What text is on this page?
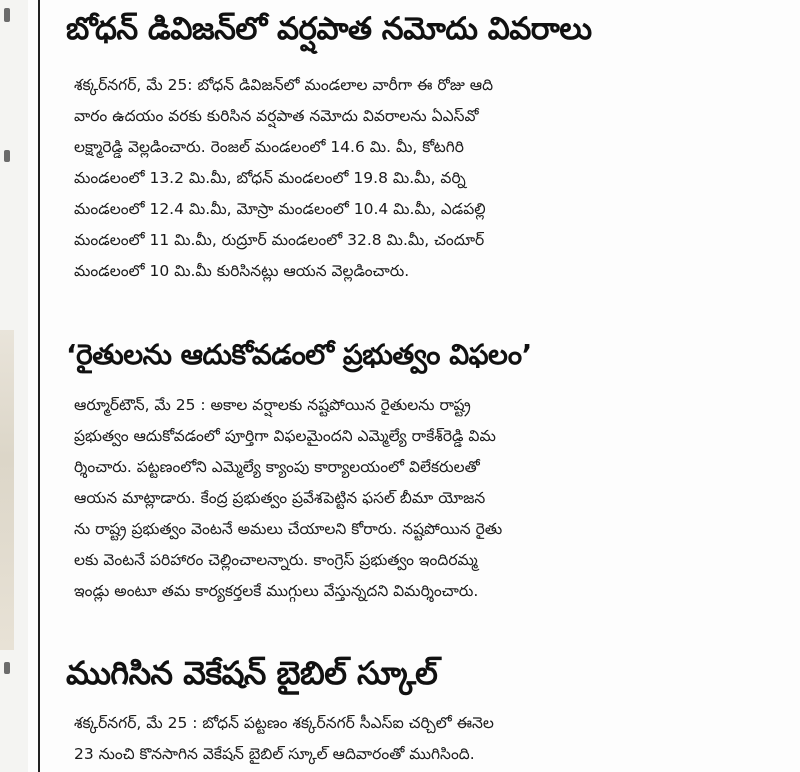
బోధన్ డివిజన్‌లో వర్షపాత నమోదు వివరాలు
శక్కర్‌నగర్, మే 25: బోధన్ డివిజన్‌లో మండలాల వారీగా ఈ రోజు ఆది
వారం ఉదయం వరకు కురిసిన వర్షపాత నమోదు వివరాలను ఏఎస్‌వో
లక్ష్మారెడ్డి వెల్లడించారు. రెంజల్ మండలంలో 14.6 మి. మీ, కోటగిరి
మండలంలో 13.2 మి.మీ, బోధన్ మండలంలో 19.8 మి.మీ, వర్ని
మండలంలో 12.4 మి.మీ, మోస్రా మండలంలో 10.4 మి.మీ, ఎడపల్లి
మండలంలో 11 మి.మీ, రుద్రూర్ మండలంలో 32.8 మి.మీ, చందూర్
మండలంలో 10 మి.మీ కురిసినట్లు ఆయన వెల్లడించారు.
‘రైతులను ఆదుకోవడంలో ప్రభుత్వం విఫలం’
ఆర్మూర్‌టౌన్, మే 25 : అకాల వర్షాలకు నష్టపోయిన రైతులను రాష్ట్ర
ప్రభుత్వం ఆదుకోవడంలో పూర్తిగా విఫలమైందని ఎమ్మెల్యే రాకేశ్‌రెడ్డి విమ
ర్శించారు. పట్టణంలోని ఎమ్మెల్యే క్యాంపు కార్యాలయంలో విలేకరులతో
ఆయన మాట్లాడారు. కేంద్ర ప్రభుత్వం ప్రవేశపెట్టిన ఫసల్ బీమా యోజన
ను రాష్ట్ర ప్రభుత్వం వెంటనే అమలు చేయాలని కోరారు. నష్టపోయిన రైతు
లకు వెంటనే పరిహారం చెల్లించాలన్నారు. కాంగ్రెస్ ప్రభుత్వం ఇందిరమ్మ
ఇండ్లు అంటూ తమ కార్యకర్తలకే ముగ్గులు వేస్తున్నదని విమర్శించారు.
ముగిసిన వెకేషన్ బైబిల్ స్కూల్
శక్కర్‌నగర్, మే 25 : బోధన్ పట్టణం శక్కర్‌నగర్ సీఎస్ఐ చర్చిలో ఈనెల
23 నుంచి కొనసాగిన వెకేషన్ బైబిల్ స్కూల్ ఆదివారంతో ముగిసింది.
